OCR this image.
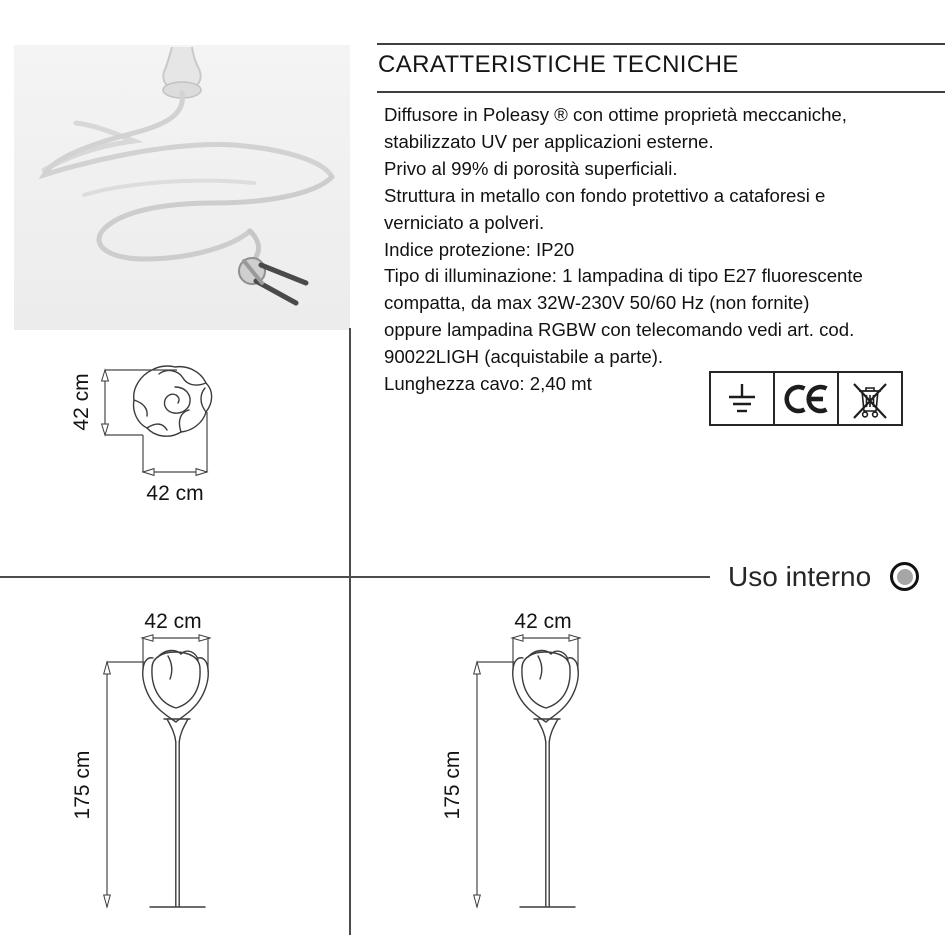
CARATTERISTICHE TECNICHE
Diffusore in Poleasy ® con ottime proprietà meccaniche,
stabilizzato UV per applicazioni esterne.
Privo al 99% di porosità superficiali.
Struttura in metallo con fondo protettivo a cataforesi e
verniciato a polveri.
Indice protezione: IP20
Tipo di illuminazione: 1 lampadina di tipo E27 fluorescente
compatta, da max 32W-230V 50/60 Hz (non fornite)
oppure lampadina RGBW con telecomando vedi art. cod.
90022LIGH (acquistabile a parte).
Lunghezza cavo: 2,40 mt
42 cm
42 cm
Uso interno
42 cm
175 cm
42 cm
175 cm
